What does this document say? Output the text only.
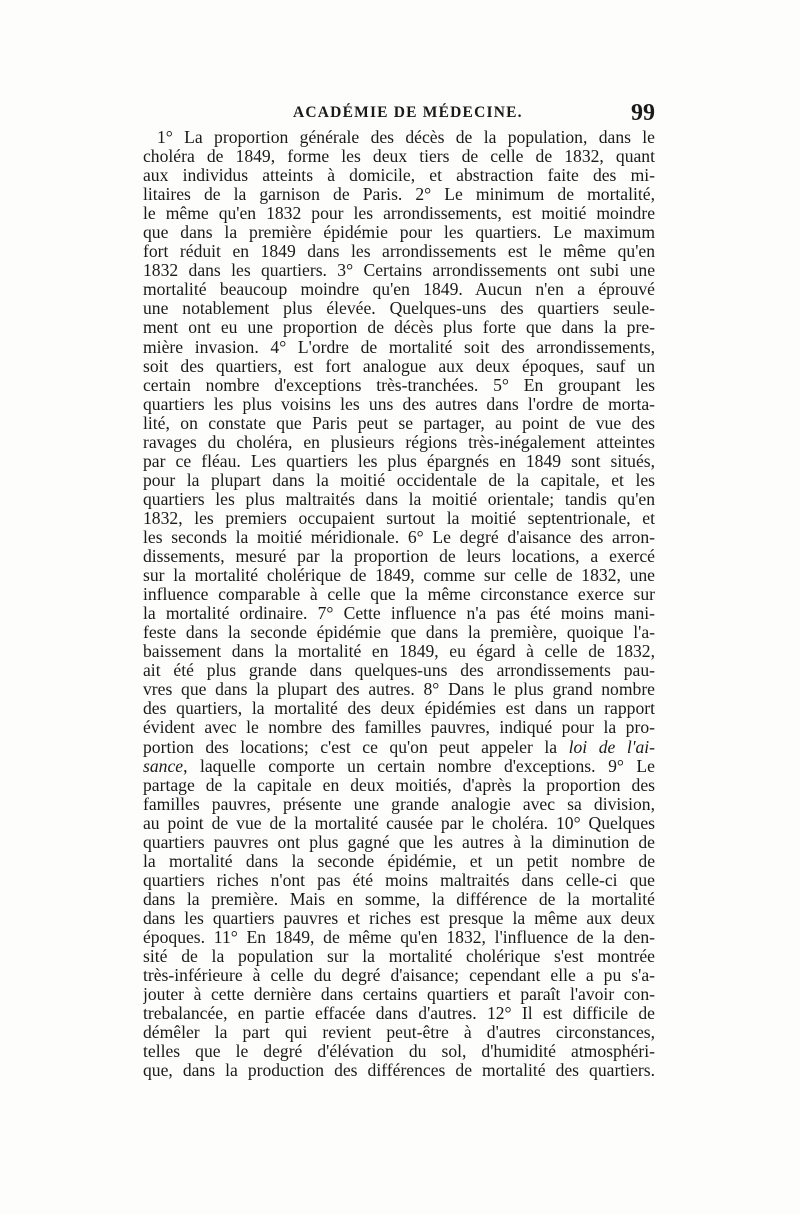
ACADÉMIE DE MÉDECINE.	99
1° La proportion générale des décès de la population, dans le
choléra de 1849, forme les deux tiers de celle de 1832, quant
aux individus atteints à domicile, et abstraction faite des mi-
litaires de la garnison de Paris. 2° Le minimum de mortalité,
le même qu'en 1832 pour les arrondissements, est moitié moindre
que dans la première épidémie pour les quartiers. Le maximum
fort réduit en 1849 dans les arrondissements est le même qu'en
1832 dans les quartiers. 3° Certains arrondissements ont subi une
mortalité beaucoup moindre qu'en 1849. Aucun n'en a éprouvé
une notablement plus élevée. Quelques-uns des quartiers seule-
ment ont eu une proportion de décès plus forte que dans la pre-
mière invasion. 4° L'ordre de mortalité soit des arrondissements,
soit des quartiers, est fort analogue aux deux époques, sauf un
certain nombre d'exceptions très-tranchées. 5° En groupant les
quartiers les plus voisins les uns des autres dans l'ordre de morta-
lité, on constate que Paris peut se partager, au point de vue des
ravages du choléra, en plusieurs régions très-inégalement atteintes
par ce fléau. Les quartiers les plus épargnés en 1849 sont situés,
pour la plupart dans la moitié occidentale de la capitale, et les
quartiers les plus maltraités dans la moitié orientale; tandis qu'en
1832, les premiers occupaient surtout la moitié septentrionale, et
les seconds la moitié méridionale. 6° Le degré d'aisance des arron-
dissements, mesuré par la proportion de leurs locations, a exercé
sur la mortalité cholérique de 1849, comme sur celle de 1832, une
influence comparable à celle que la même circonstance exerce sur
la mortalité ordinaire. 7° Cette influence n'a pas été moins mani-
feste dans la seconde épidémie que dans la première, quoique l'a-
baissement dans la mortalité en 1849, eu égard à celle de 1832,
ait été plus grande dans quelques-uns des arrondissements pau-
vres que dans la plupart des autres. 8° Dans le plus grand nombre
des quartiers, la mortalité des deux épidémies est dans un rapport
évident avec le nombre des familles pauvres, indiqué pour la pro-
portion des locations; c'est ce qu'on peut appeler la loi de l'ai-
sance, laquelle comporte un certain nombre d'exceptions. 9° Le
partage de la capitale en deux moitiés, d'après la proportion des
familles pauvres, présente une grande analogie avec sa division,
au point de vue de la mortalité causée par le choléra. 10° Quelques
quartiers pauvres ont plus gagné que les autres à la diminution de
la mortalité dans la seconde épidémie, et un petit nombre de
quartiers riches n'ont pas été moins maltraités dans celle-ci que
dans la première. Mais en somme, la différence de la mortalité
dans les quartiers pauvres et riches est presque la même aux deux
époques. 11° En 1849, de même qu'en 1832, l'influence de la den-
sité de la population sur la mortalité cholérique s'est montrée
très-inférieure à celle du degré d'aisance; cependant elle a pu s'a-
jouter à cette dernière dans certains quartiers et paraît l'avoir con-
trebalancée, en partie effacée dans d'autres. 12° Il est difficile de
démêler la part qui revient peut-être à d'autres circonstances,
telles que le degré d'élévation du sol, d'humidité atmosphéri-
que, dans la production des différences de mortalité des quartiers.
